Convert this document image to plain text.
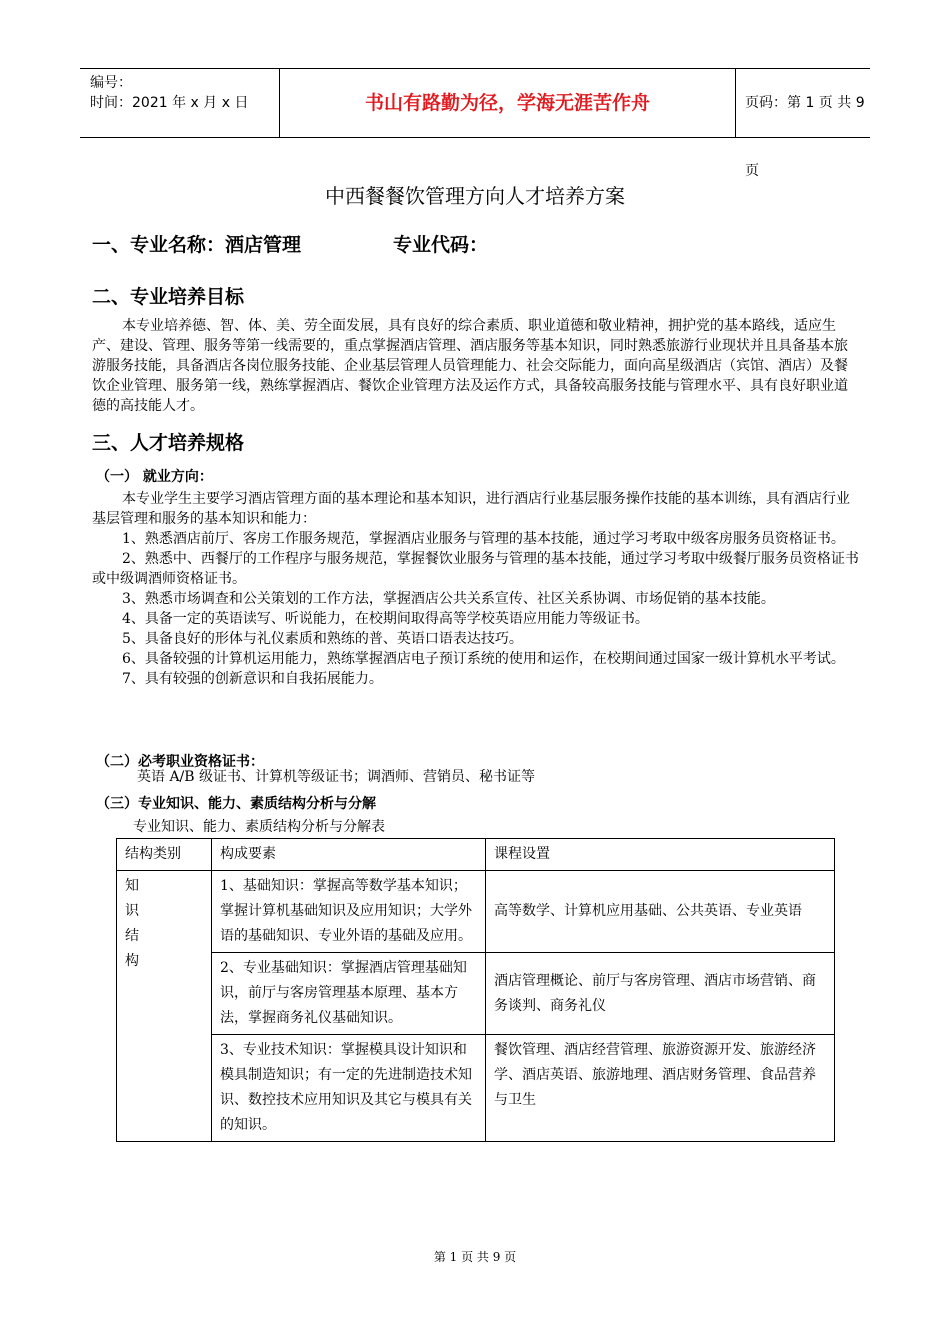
编号：
时间：2021 年 x 月 x 日	书山有路勤为径，学海无涯苦作舟	页码：第 1 页 共 9 页
中西餐餐饮管理方向人才培养方案
一、专业名称：酒店管理	专业代码：
二、专业培养目标

本专业培养德、智、体、美、劳全面发展，具有良好的综合素质、职业道德和敬业精神，拥护党的基本路线，适应生产、建设、管理、服务等第一线需要的，重点掌握酒店管理、酒店服务等基本知识，同时熟悉旅游行业现状并且具备基本旅游服务技能，具备酒店各岗位服务技能、企业基层管理人员管理能力、社会交际能力，面向高星级酒店（宾馆、酒店）及餐饮企业管理、服务第一线，熟练掌握酒店、餐饮企业管理方法及运作方式，具备较高服务技能与管理水平、具有良好职业道德的高技能人才。

三、人才培养规格
（一） 就业方向：

本专业学生主要学习酒店管理方面的基本理论和基本知识，进行酒店行业基层服务操作技能的基本训练，具有酒店行业基层管理和服务的基本知识和能力：

1、熟悉酒店前厅、客房工作服务规范，掌握酒店业服务与管理的基本技能，通过学习考取中级客房服务员资格证书。

2、熟悉中、西餐厅的工作程序与服务规范，掌握餐饮业服务与管理的基本技能，通过学习考取中级餐厅服务员资格证书或中级调酒师资格证书。

3、熟悉市场调查和公关策划的工作方法，掌握酒店公共关系宣传、社区关系协调、市场促销的基本技能。

4、具备一定的英语读写、听说能力，在校期间取得高等学校英语应用能力等级证书。

5、具备良好的形体与礼仪素质和熟练的普、英语口语表达技巧。

6、具备较强的计算机运用能力，熟练掌握酒店电子预订系统的使用和运作，在校期间通过国家一级计算机水平考试。

7、具有较强的创新意识和自我拓展能力。

（二）必考职业资格证书：
英语 A/B 级证书、计算机等级证书；调酒师、营销员、秘书证等
（三）专业知识、能力、素质结构分析与分解
专业知识、能力、素质结构分析与分解表
结构类别	构成要素	课程设置

知
识
结
构	1、基础知识：掌握高等数学基本知识；掌握计算机基础知识及应用知识；大学外语的基础知识、专业外语的基础及应用。	高等数学、计算机应用基础、公共英语、专业英语
	2、专业基础知识：掌握酒店管理基础知识，前厅与客房管理基本原理、基本方法，掌握商务礼仪基础知识。	酒店管理概论、前厅与客房管理、酒店市场营销、商务谈判、商务礼仪
	3、专业技术知识：掌握模具设计知识和模具制造知识；有一定的先进制造技术知识、数控技术应用知识及其它与模具有关的知识。	餐饮管理、酒店经营管理、旅游资源开发、旅游经济学、酒店英语、旅游地理、酒店财务管理、食品营养与卫生
第 1 页 共 9 页
